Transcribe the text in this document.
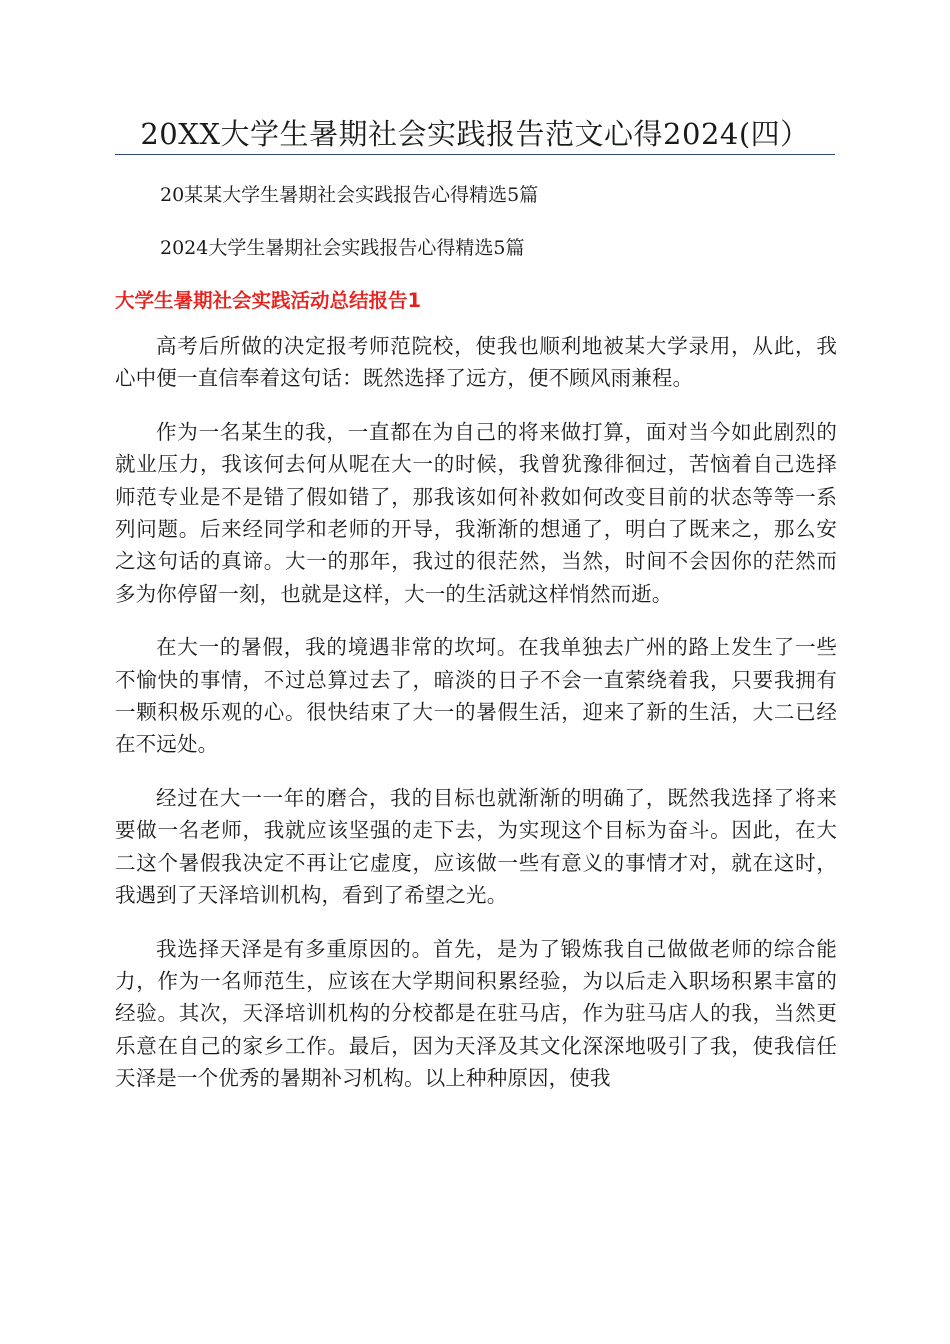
20XX大学生暑期社会实践报告范文心得2024(四）
20某某大学生暑期社会实践报告心得精选5篇
2024大学生暑期社会实践报告心得精选5篇
大学生暑期社会实践活动总结报告1

高考后所做的决定报考师范院校，使我也顺利地被某大学录用，从此，我心中便一直信奉着这句话：既然选择了远方，便不顾风雨兼程。

作为一名某生的我，一直都在为自己的将来做打算，面对当今如此剧烈的就业压力，我该何去何从呢在大一的时候，我曾犹豫徘徊过，苦恼着自己选择师范专业是不是错了假如错了，那我该如何补救如何改变目前的状态等等一系列问题。后来经同学和老师的开导，我渐渐的想通了，明白了既来之，那么安之这句话的真谛。大一的那年，我过的很茫然，当然，时间不会因你的茫然而多为你停留一刻，也就是这样，大一的生活就这样悄然而逝。

在大一的暑假，我的境遇非常的坎坷。在我单独去广州的路上发生了一些不愉快的事情，不过总算过去了，暗淡的日子不会一直萦绕着我，只要我拥有一颗积极乐观的心。很快结束了大一的暑假生活，迎来了新的生活，大二已经在不远处。

经过在大一一年的磨合，我的目标也就渐渐的明确了，既然我选择了将来要做一名老师，我就应该坚强的走下去，为实现这个目标为奋斗。因此，在大二这个暑假我决定不再让它虚度，应该做一些有意义的事情才对，就在这时，我遇到了天泽培训机构，看到了希望之光。

我选择天泽是有多重原因的。首先，是为了锻炼我自己做做老师的综合能力，作为一名师范生，应该在大学期间积累经验，为以后走入职场积累丰富的经验。其次，天泽培训机构的分校都是在驻马店，作为驻马店人的我，当然更乐意在自己的家乡工作。最后，因为天泽及其文化深深地吸引了我，使我信任天泽是一个优秀的暑期补习机构。以上种种原因，使我
